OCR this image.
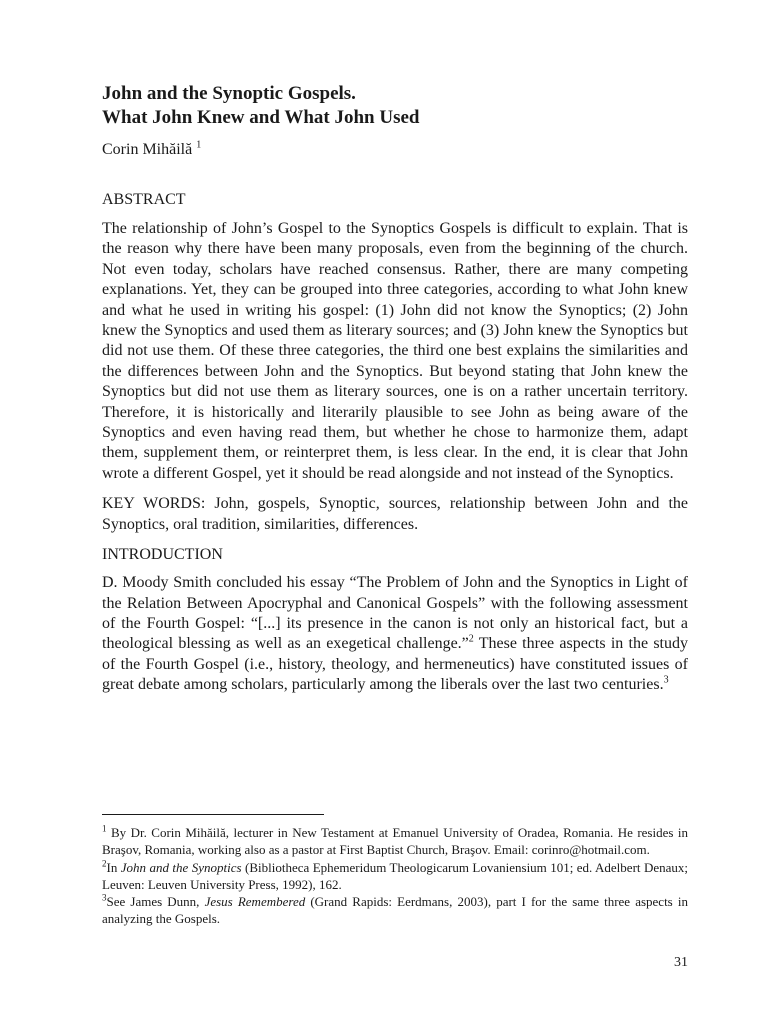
John and the Synoptic Gospels.
What John Knew and What John Used
Corin Mihăilă $^1$
ABSTRACT

The relationship of John’s Gospel to the Synoptics Gospels is difficult to explain. That is the reason why there have been many proposals, even from the beginning of the church. Not even today, scholars have reached consensus. Rather, there are many competing explanations. Yet, they can be grouped into three categories, according to what John knew and what he used in writing his gospel: (1) John did not know the Synoptics; (2) John knew the Synoptics and used them as literary sources; and (3) John knew the Synoptics but did not use them. Of these three categories, the third one best explains the similarities and the differences between John and the Synoptics. But beyond stating that John knew the Synoptics but did not use them as literary sources, one is on a rather uncertain territory. Therefore, it is historically and literarily plausible to see John as being aware of the Synoptics and even having read them, but whether he chose to harmonize them, adapt them, supplement them, or reinterpret them, is less clear. In the end, it is clear that John wrote a different Gospel, yet it should be read alongside and not instead of the Synoptics.

KEY WORDS: John, gospels, Synoptic, sources, relationship between John and the Synoptics, oral tradition, similarities, differences.

INTRODUCTION

D. Moody Smith concluded his essay “The Problem of John and the Synoptics in Light of the Relation Between Apocryphal and Canonical Gospels” with the following assessment of the Fourth Gospel: “[...] its presence in the canon is not only an historical fact, but a theological blessing as well as an exegetical challenge.”$^2$ These three aspects in the study of the Fourth Gospel (i.e., history, theology, and hermeneutics) have constituted issues of great debate among scholars, particularly among the liberals over the last two centuries.$^3$

$^1$ By Dr. Corin Mihăilă, lecturer in New Testament at Emanuel University of Oradea, Romania. He resides in Braşov, Romania, working also as a pastor at First Baptist Church, Braşov. Email: corinro@hotmail.com.

$^2$In John and the Synoptics (Bibliotheca Ephemeridum Theologicarum Lovaniensium 101; ed. Adelbert Denaux; Leuven: Leuven University Press, 1992), 162.

$^3$See James Dunn, Jesus Remembered (Grand Rapids: Eerdmans, 2003), part I for the same three aspects in analyzing the Gospels.

31
